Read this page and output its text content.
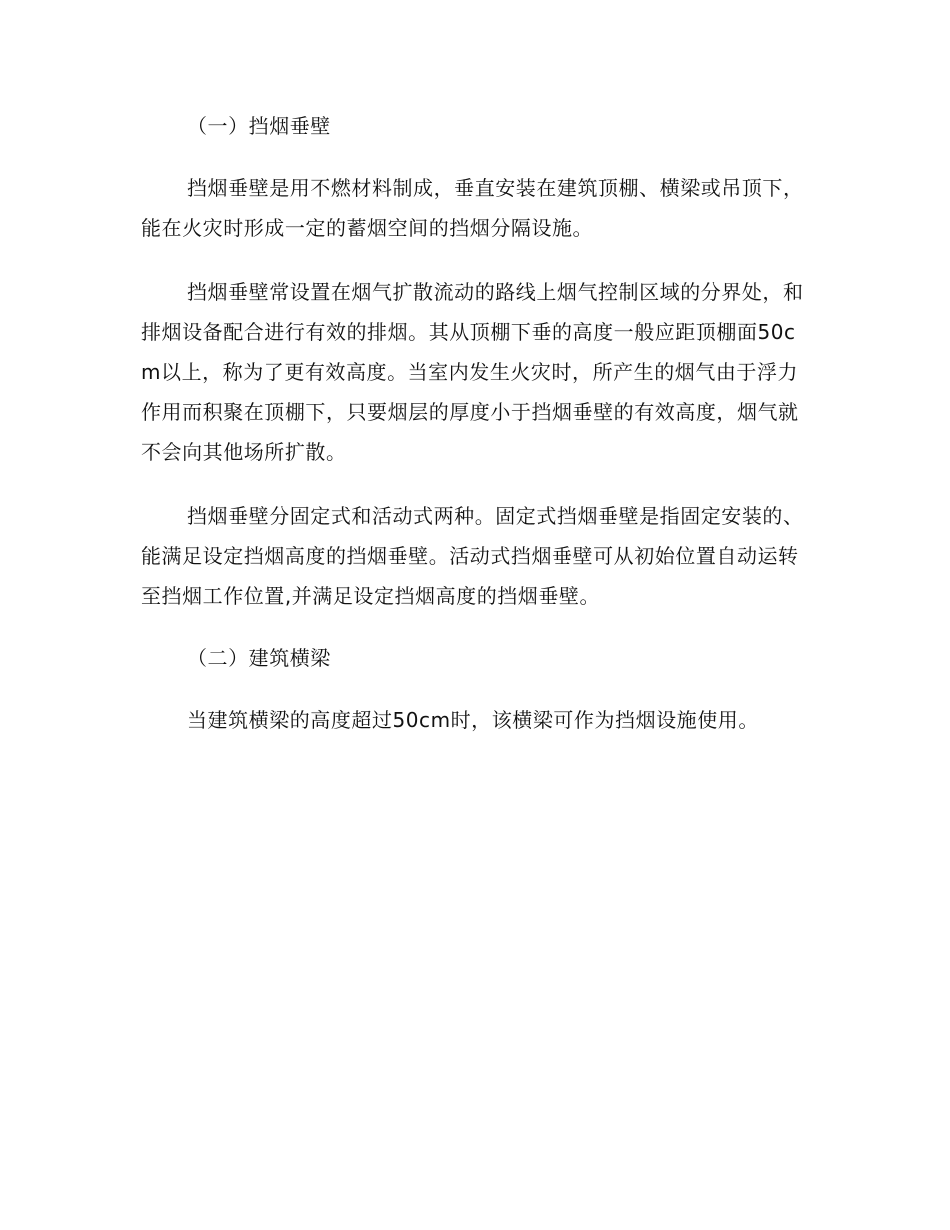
（一）挡烟垂壁

挡烟垂壁是用不燃材料制成，垂直安装在建筑顶棚、横梁或吊顶下，能在火灾时形成一定的蓄烟空间的挡烟分隔设施。

挡烟垂壁常设置在烟气扩散流动的路线上烟气控制区域的分界处，和排烟设备配合进行有效的排烟。其从顶棚下垂的高度一般应距顶棚面50cm以上，称为了更有效高度。当室内发生火灾时，所产生的烟气由于浮力作用而积聚在顶棚下，只要烟层的厚度小于挡烟垂壁的有效高度，烟气就不会向其他场所扩散。

挡烟垂壁分固定式和活动式两种。固定式挡烟垂壁是指固定安装的、能满足设定挡烟高度的挡烟垂壁。活动式挡烟垂壁可从初始位置自动运转至挡烟工作位置,并满足设定挡烟高度的挡烟垂壁。

（二）建筑横梁

当建筑横梁的高度超过50cm时，该横梁可作为挡烟设施使用。
